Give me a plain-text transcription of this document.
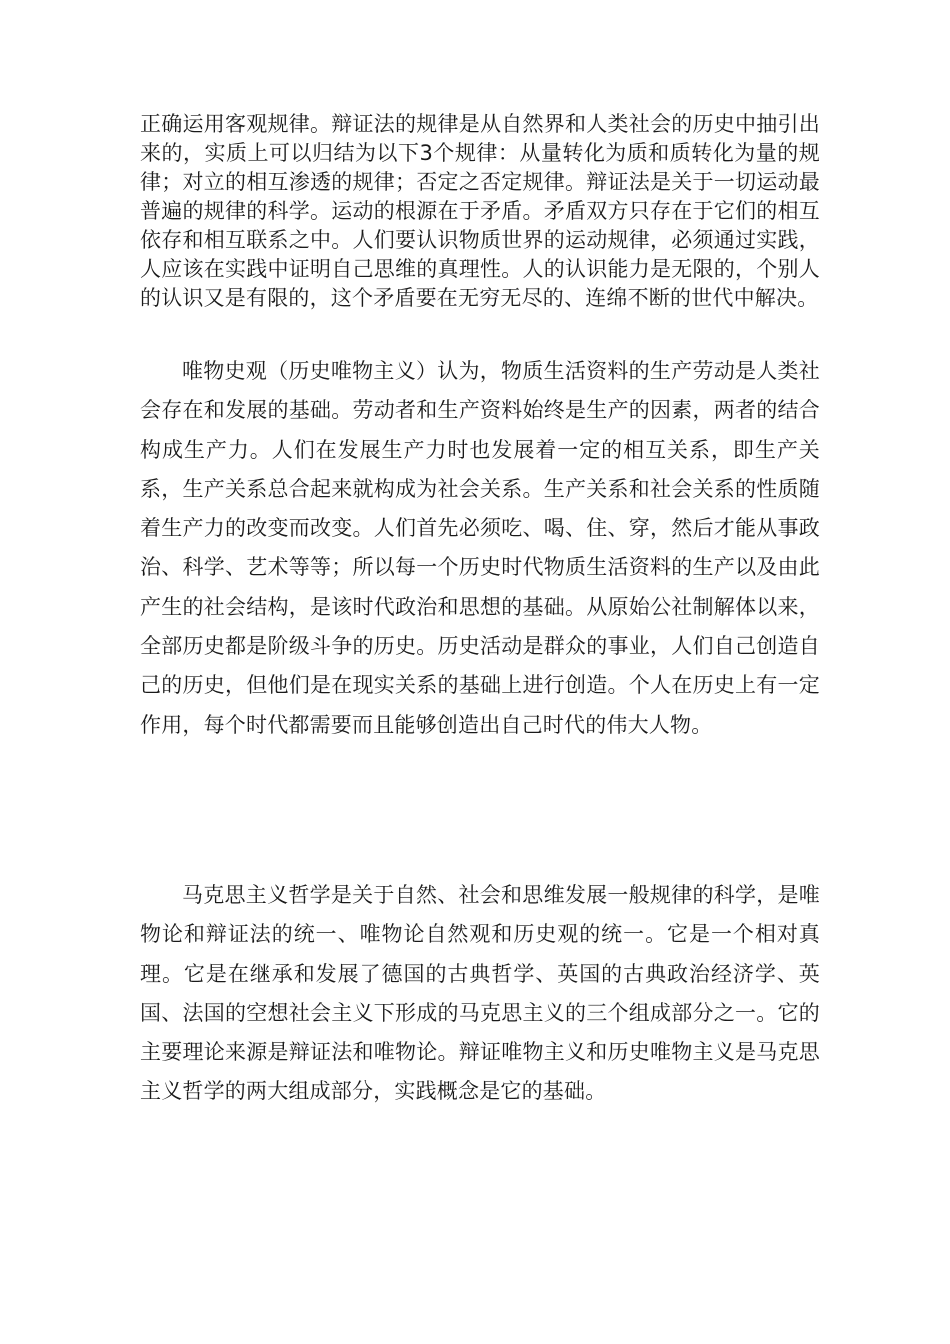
正确运用客观规律。辩证法的规律是从自然界和人类社会的历史中抽引出来的，实质上可以归结为以下3个规律：从量转化为质和质转化为量的规律；对立的相互渗透的规律；否定之否定规律。辩证法是关于一切运动最普遍的规律的科学。运动的根源在于矛盾。矛盾双方只存在于它们的相互依存和相互联系之中。人们要认识物质世界的运动规律，必须通过实践，人应该在实践中证明自己思维的真理性。人的认识能力是无限的，个别人的认识又是有限的，这个矛盾要在无穷无尽的、连绵不断的世代中解决。

唯物史观（历史唯物主义）认为，物质生活资料的生产劳动是人类社会存在和发展的基础。劳动者和生产资料始终是生产的因素，两者的结合构成生产力。人们在发展生产力时也发展着一定的相互关系，即生产关系，生产关系总合起来就构成为社会关系。生产关系和社会关系的性质随着生产力的改变而改变。人们首先必须吃、喝、住、穿，然后才能从事政治、科学、艺术等等；所以每一个历史时代物质生活资料的生产以及由此产生的社会结构，是该时代政治和思想的基础。从原始公社制解体以来，全部历史都是阶级斗争的历史。历史活动是群众的事业，人们自己创造自己的历史，但他们是在现实关系的基础上进行创造。个人在历史上有一定作用，每个时代都需要而且能够创造出自己时代的伟大人物。

马克思主义哲学是关于自然、社会和思维发展一般规律的科学，是唯物论和辩证法的统一、唯物论自然观和历史观的统一。它是一个相对真理。它是在继承和发展了德国的古典哲学、英国的古典政治经济学、英国、法国的空想社会主义下形成的马克思主义的三个组成部分之一。它的主要理论来源是辩证法和唯物论。辩证唯物主义和历史唯物主义是马克思主义哲学的两大组成部分，实践概念是它的基础。
